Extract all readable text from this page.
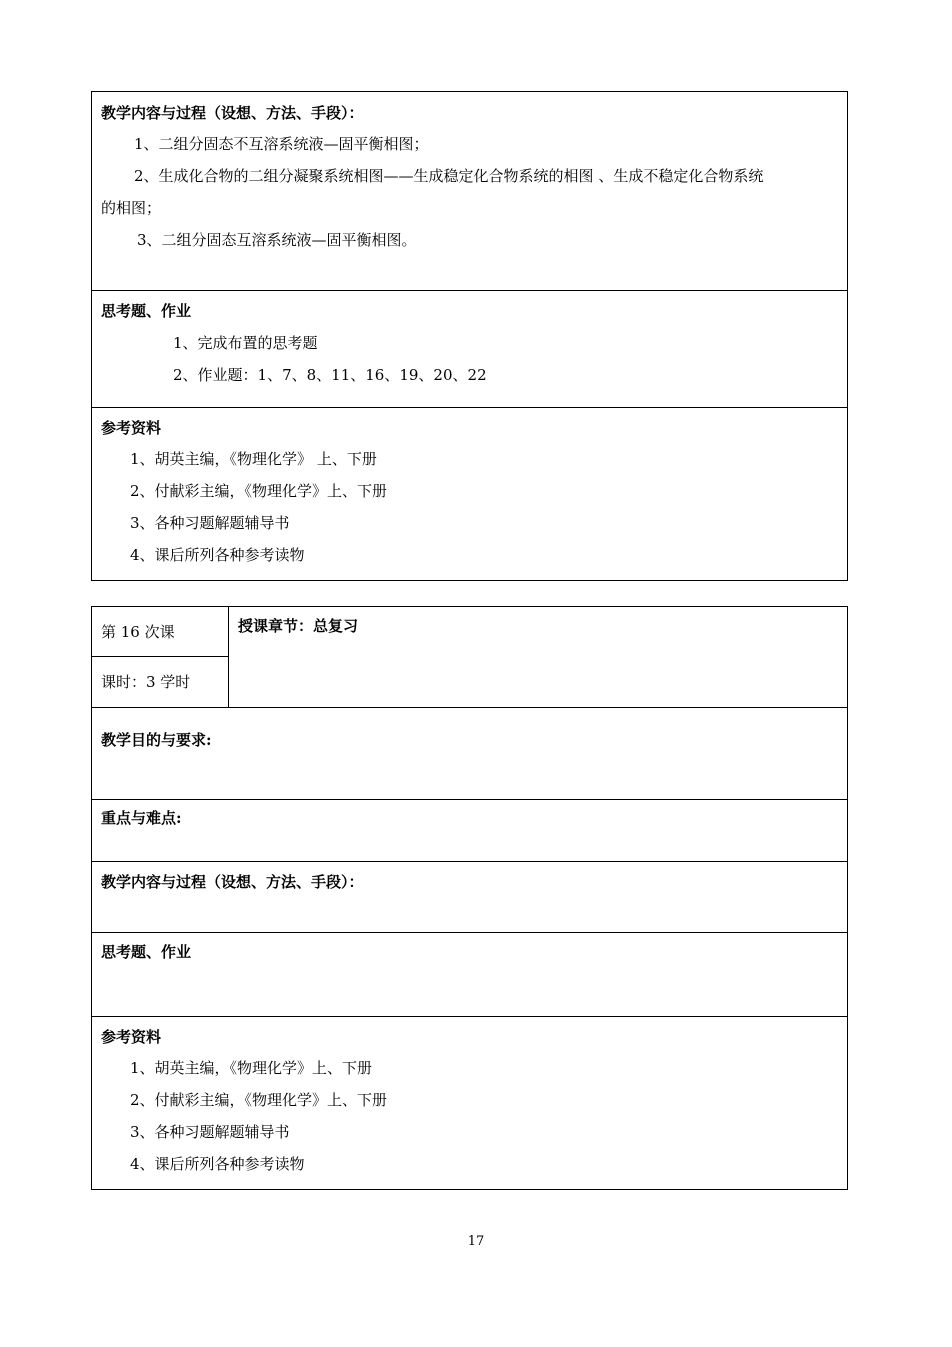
教学内容与过程（设想、方法、手段）：
1、二组分固态不互溶系统液—固平衡相图；
2、生成化合物的二组分凝聚系统相图——生成稳定化合物系统的相图 、生成不稳定化合物系统
的相图；
3、二组分固态互溶系统液—固平衡相图。
思考题、作业
1、完成布置的思考题
2、作业题：1、7、8、11、16、19、20、22
参考资料
1、胡英主编，《物理化学》 上、下册
2、付献彩主编，《物理化学》上、下册
3、各种习题解题辅导书
4、课后所列各种参考读物
第 16 次课
课时：3 学时
授课章节：总复习
教学目的与要求:
重点与难点:
教学内容与过程（设想、方法、手段）：
思考题、作业
参考资料
1、胡英主编，《物理化学》上、下册
2、付献彩主编，《物理化学》上、下册
3、各种习题解题辅导书
4、课后所列各种参考读物
17
